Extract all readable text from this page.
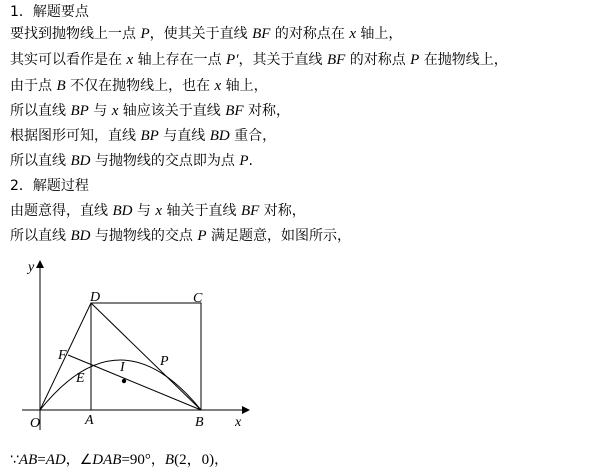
1．解题要点
要找到抛物线上一点 P，使其关于直线 BF 的对称点在 x 轴上，
其实可以看作是在 x 轴上存在一点 P′，其关于直线 BF 的对称点 P 在抛物线上，
由于点 B 不仅在抛物线上，也在 x 轴上，
所以直线 BP 与 x 轴应该关于直线 BF 对称，
根据图形可知，直线 BP 与直线 BD 重合，
所以直线 BD 与抛物线的交点即为点 P.
2．解题过程
由题意得，直线 BD 与 x 轴关于直线 BF 对称，
所以直线 BD 与抛物线的交点 P 满足题意，如图所示，
y
x
O	A	B
C
D
E
F	P
I
∵AB=AD，∠DAB=90°，B(2，0)，
